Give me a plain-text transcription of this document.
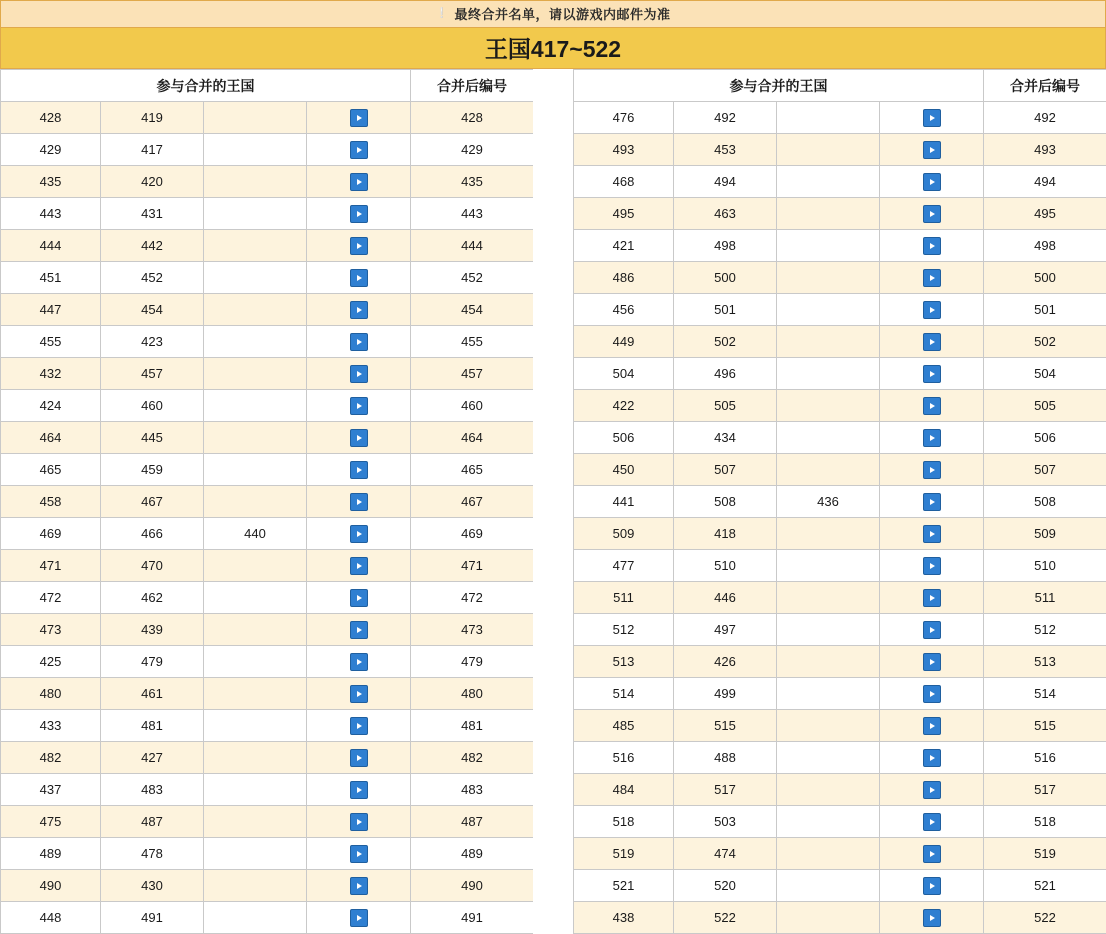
❕ 最终合并名单，请以游戏内邮件为准
王国417~522
参与合并的王国				合并后编号
428	419			428
429	417			429
435	420			435
443	431			443
444	442			444
451	452			452
447	454			454
455	423			455
432	457			457
424	460			460
464	445			464
465	459			465
458	467			467
469	466	440		469
471	470			471
472	462			472
473	439			473
425	479			479
480	461			480
433	481			481
482	427			482
437	483			483
475	487			487
489	478			489
490	430			490
448	491			491
参与合并的王国				合并后编号
476	492			492
493	453			493
468	494			494
495	463			495
421	498			498
486	500			500
456	501			501
449	502			502
504	496			504
422	505			505
506	434			506
450	507			507
441	508	436		508
509	418			509
477	510			510
511	446			511
512	497			512
513	426			513
514	499			514
485	515			515
516	488			516
484	517			517
518	503			518
519	474			519
521	520			521
438	522			522
